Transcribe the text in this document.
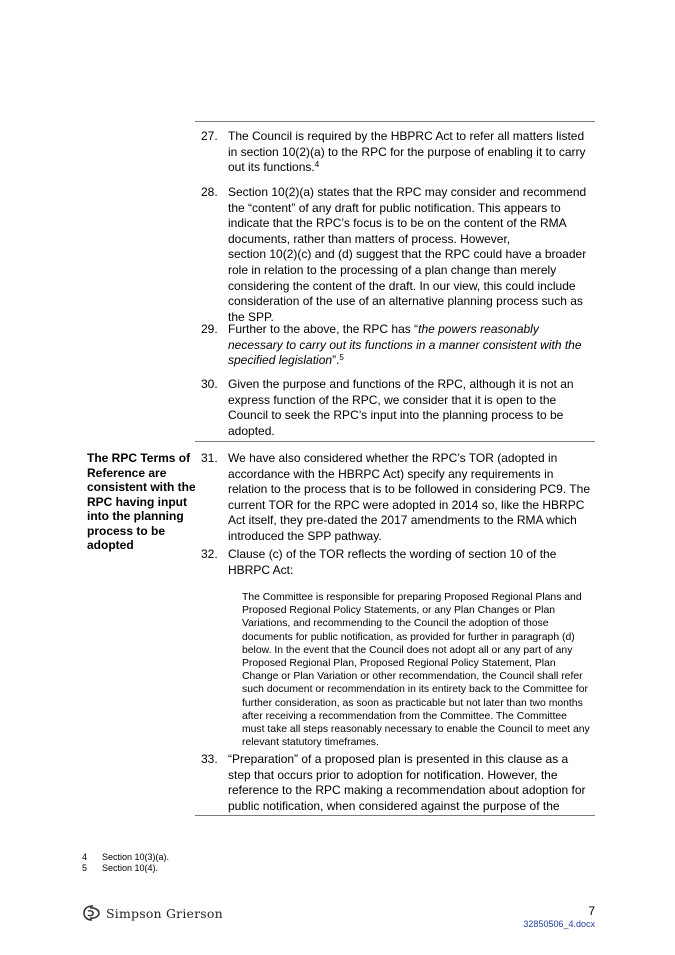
27. The Council is required by the HBPRC Act to refer all matters listed in section 10(2)(a) to the RPC for the purpose of enabling it to carry out its functions.$^4$
28. Section 10(2)(a) states that the RPC may consider and recommend the “content” of any draft for public notification. This appears to indicate that the RPC’s focus is to be on the content of the RMA documents, rather than matters of process. However,
section 10(2)(c) and (d) suggest that the RPC could have a broader role in relation to the processing of a plan change than merely considering the content of the draft. In our view, this could include consideration of the use of an alternative planning process such as the SPP.
29. Further to the above, the RPC has “the powers reasonably necessary to carry out its functions in a manner consistent with the specified legislation”.$^5$
30. Given the purpose and functions of the RPC, although it is not an express function of the RPC, we consider that it is open to the Council to seek the RPC’s input into the planning process to be adopted.
The RPC Terms of Reference are consistent with the RPC having input into the planning process to be adopted
31. We have also considered whether the RPC’s TOR (adopted in accordance with the HBRPC Act) specify any requirements in relation to the process that is to be followed in considering PC9. The current TOR for the RPC were adopted in 2014 so, like the HBRPC Act itself, they pre-dated the 2017 amendments to the RMA which introduced the SPP pathway.
32. Clause (c) of the TOR reflects the wording of section 10 of the HBRPC Act:
The Committee is responsible for preparing Proposed Regional Plans and Proposed Regional Policy Statements, or any Plan Changes or Plan Variations, and recommending to the Council the adoption of those documents for public notification, as provided for further in paragraph (d) below. In the event that the Council does not adopt all or any part of any Proposed Regional Plan, Proposed Regional Policy Statement, Plan Change or Plan Variation or other recommendation, the Council shall refer such document or recommendation in its entirety back to the Committee for further consideration, as soon as practicable but not later than two months after receiving a recommendation from the Committee. The Committee must take all steps reasonably necessary to enable the Council to meet any relevant statutory timeframes.
33. “Preparation” of a proposed plan is presented in this clause as a step that occurs prior to adoption for notification. However, the reference to the RPC making a recommendation about adoption for public notification, when considered against the purpose of the
4 Section 10(3)(a).
5 Section 10(4).
Simpson Grierson	7
32850506_4.docx
